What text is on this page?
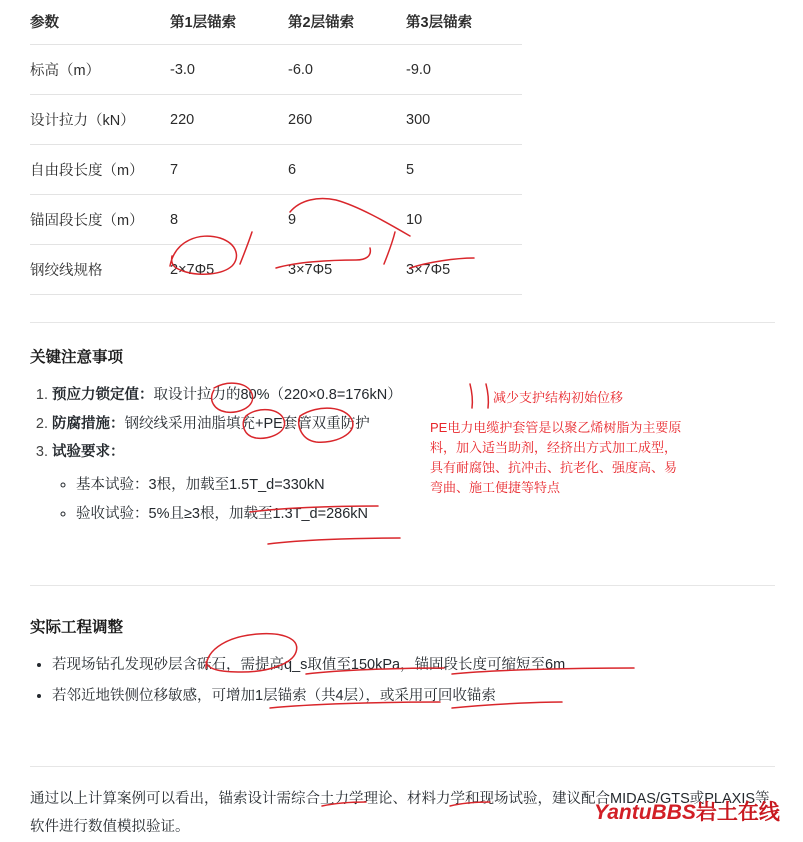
参数	第1层锚索	第2层锚索	第3层锚索
标高（m）	-3.0	-6.0	-9.0
设计拉力（kN）	220	260	300
自由段长度（m）	7	6	5
锚固段长度（m）	8	9	10
钢绞线规格	2×7Φ5	3×7Φ5	3×7Φ5
关键注意事项
1. 预应力锁定值：取设计拉力的80%（220×0.8=176kN）
2. 防腐措施：钢绞线采用油脂填充+PE套管双重防护
3. 试验要求：
◦ 基本试验：3根，加载至1.5T_d=330kN
◦ 验收试验：5%且≥3根，加载至1.3T_d=286kN
减少支护结构初始位移
PE电力电缆护套管是以聚乙烯树脂为主要原料，加入适当助剂，经挤出方式加工成型，具有耐腐蚀、抗冲击、抗老化、强度高、易弯曲、施工便捷等特点
实际工程调整
• 若现场钻孔发现砂层含砾石，需提高q_s取值至150kPa，锚固段长度可缩短至6m
• 若邻近地铁侧位移敏感，可增加1层锚索（共4层），或采用可回收锚索
通过以上计算案例可以看出，锚索设计需综合土力学理论、材料力学和现场试验，建议配合MIDAS/GTS或PLAXIS等软件进行数值模拟验证。
YantuBBS岩土在线
